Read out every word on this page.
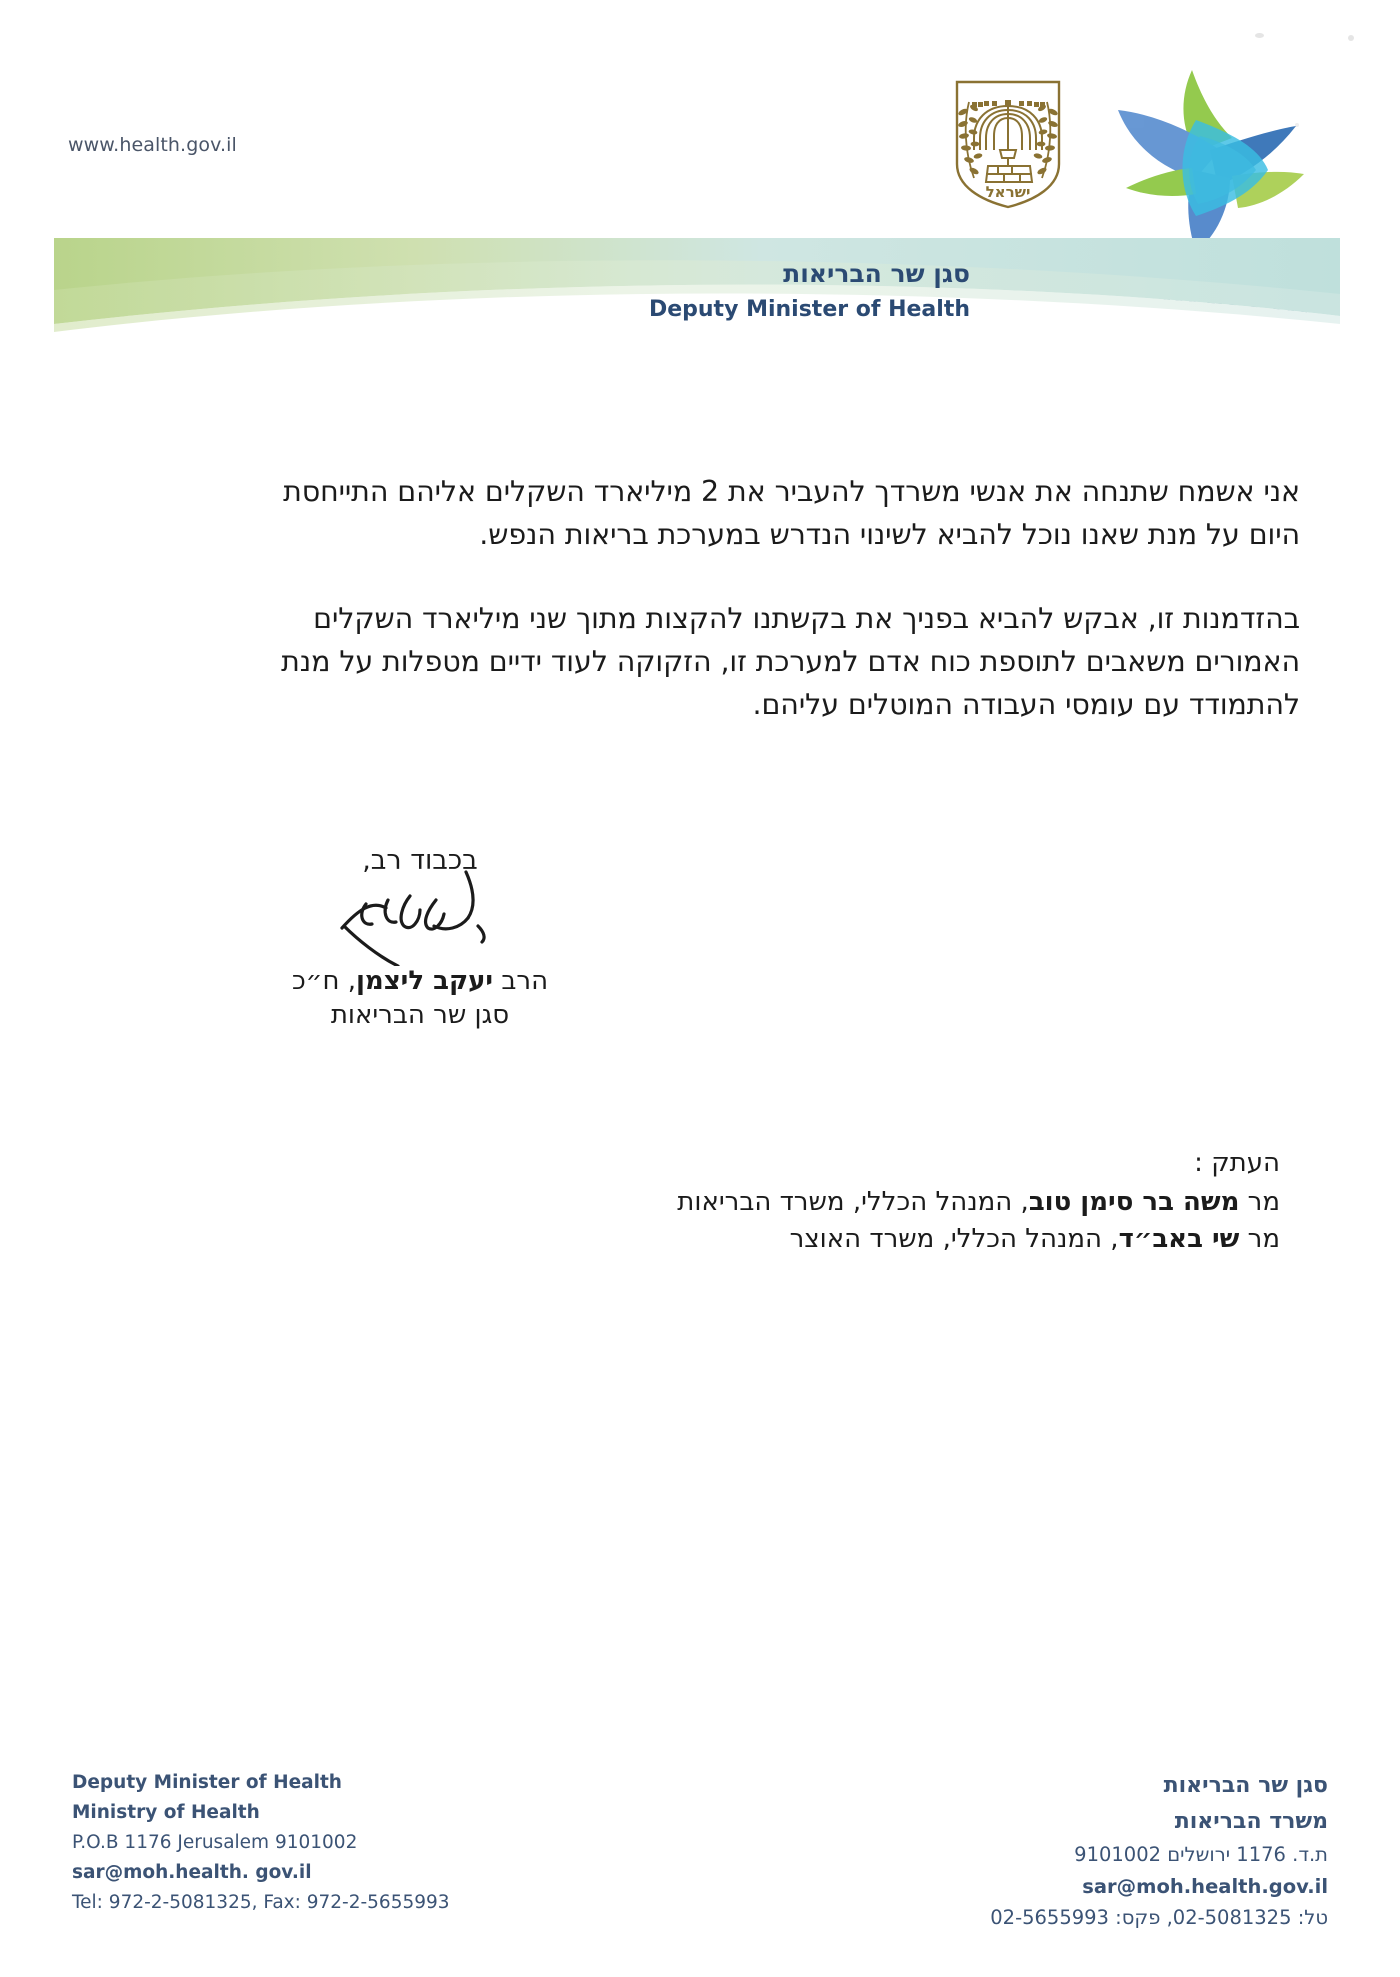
www.health.gov.il
ישראל
סגן שר הבריאות
Deputy Minister of Health

אני אשמח שתנחה את אנשי משרדך להעביר את 2 מיליארד השקלים אליהם התייחסת היום על מנת שאנו נוכל להביא לשינוי הנדרש במערכת בריאות הנפש.

בהזדמנות זו, אבקש להביא בפניך את בקשתנו להקצות מתוך שני מיליארד השקלים האמורים משאבים לתוספת כוח אדם למערכת זו, הזקוקה לעוד ידיים מטפלות על מנת להתמודד עם עומסי העבודה המוטלים עליהם.

בכבוד רב,
הרב יעקב ליצמן, ח״כ
סגן שר הבריאות
העתק :
מר משה בר סימן טוב, המנהל הכללי, משרד הבריאות
מר שי באב״ד, המנהל הכללי, משרד האוצר
Deputy Minister of Health
Ministry of Health
P.O.B 1176 Jerusalem 9101002
sar@moh.health. gov.il
Tel: 972-2-5081325, Fax: 972-2-5655993
סגן שר הבריאות
משרד הבריאות
ת.ד. 1176 ירושלים 9101002
sar@moh.health.gov.il
טל: 02-5081325, פקס: 02-5655993
